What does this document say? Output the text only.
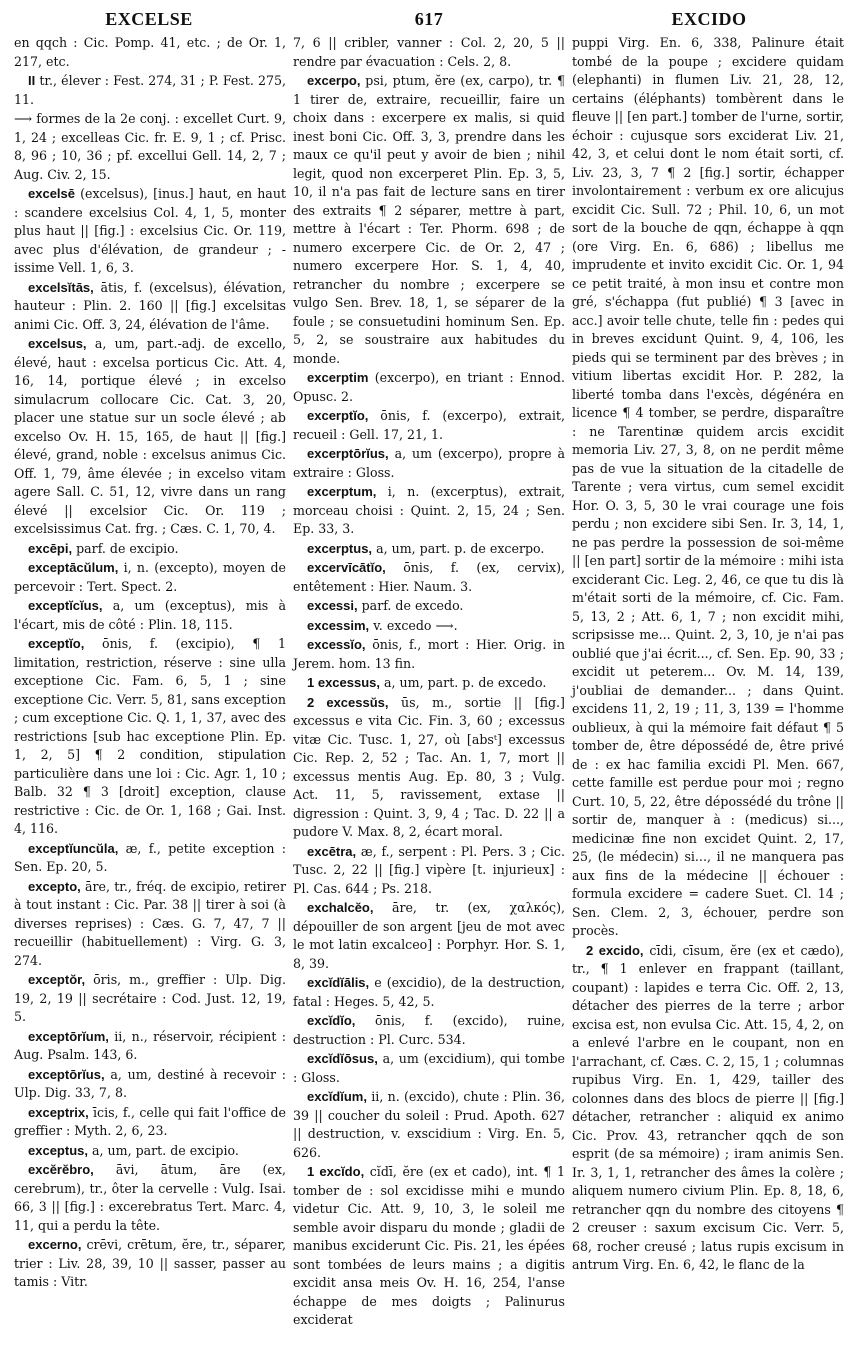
EXCELSE	617	EXCIDO

en qqch : Cic. Pomp. 41, etc. ; de Or. 1, 217, etc.

II tr., élever : Fest. 274, 31 ; P. Fest. 275, 11.

⟶ formes de la 2e conj. : excellet Curt. 9, 1, 24 ; excelleas Cic. fr. E. 9, 1 ; cf. Prisc. 8, 96 ; 10, 36 ; pf. excellui Gell. 14, 2, 7 ; Aug. Civ. 2, 15.

excelsē (excelsus), [inus.] haut, en haut : scandere excelsius Col. 4, 1, 5, monter plus haut || [fig.] : excelsius Cic. Or. 119, avec plus d'élévation, de grandeur ; -issime Vell. 1, 6, 3.

excelsĭtās, ātis, f. (excelsus), élévation, hauteur : Plin. 2. 160 || [fig.] excelsitas animi Cic. Off. 3, 24, élévation de l'âme.

excelsus, a, um, part.-adj. de excello, élevé, haut : excelsa porticus Cic. Att. 4, 16, 14, portique élevé ; in excelso simulacrum collocare Cic. Cat. 3, 20, placer une statue sur un socle élevé ; ab excelso Ov. H. 15, 165, de haut || [fig.] élevé, grand, noble : excelsus animus Cic. Off. 1, 79, âme élevée ; in excelso vitam agere Sall. C. 51, 12, vivre dans un rang élevé || excelsior Cic. Or. 119 ; excelsissimus Cat. frg. ; Cæs. C. 1, 70, 4.

excēpi, parf. de excipio.

exceptācŭlum, i, n. (excepto), moyen de percevoir : Tert. Spect. 2.

exceptĭcĭus, a, um (exceptus), mis à l'écart, mis de côté : Plin. 18, 115.

exceptĭo, ōnis, f. (excipio), ¶ 1 limitation, restriction, réserve : sine ulla exceptione Cic. Fam. 6, 5, 1 ; sine exceptione Cic. Verr. 5, 81, sans exception ; cum exceptione Cic. Q. 1, 1, 37, avec des restrictions [sub hac exceptione Plin. Ep. 1, 2, 5] ¶ 2 condition, stipulation particulière dans une loi : Cic. Agr. 1, 10 ; Balb. 32 ¶ 3 [droit] exception, clause restrictive : Cic. de Or. 1, 168 ; Gai. Inst. 4, 116.

exceptĭuncŭla, æ, f., petite exception : Sen. Ep. 20, 5.

excepto, āre, tr., fréq. de excipio, retirer à tout instant : Cic. Par. 38 || tirer à soi (à diverses reprises) : Cæs. G. 7, 47, 7 || recueillir (habituellement) : Virg. G. 3, 274.

exceptŏr, ōris, m., greffier : Ulp. Dig. 19, 2, 19 || secrétaire : Cod. Just. 12, 19, 5.

exceptōrĭum, ii, n., réservoir, récipient : Aug. Psalm. 143, 6.

exceptōrĭus, a, um, destiné à recevoir : Ulp. Dig. 33, 7, 8.

exceptrix, īcis, f., celle qui fait l'office de greffier : Myth. 2, 6, 23.

exceptus, a, um, part. de excipio.

excĕrĕbro, āvi, ātum, āre (ex, cerebrum), tr., ôter la cervelle : Vulg. Isai. 66, 3 || [fig.] : excerebratus Tert. Marc. 4, 11, qui a perdu la tête.

excerno, crēvi, crētum, ĕre, tr., séparer, trier : Liv. 28, 39, 10 || sasser, passer au tamis : Vitr.

7, 6 || cribler, vanner : Col. 2, 20, 5 || rendre par évacuation : Cels. 2, 8.

excerpo, psi, ptum, ĕre (ex, carpo), tr. ¶ 1 tirer de, extraire, recueillir, faire un choix dans : excerpere ex malis, si quid inest boni Cic. Off. 3, 3, prendre dans les maux ce qu'il peut y avoir de bien ; nihil legit, quod non excerperet Plin. Ep. 3, 5, 10, il n'a pas fait de lecture sans en tirer des extraits ¶ 2 séparer, mettre à part, mettre à l'écart : Ter. Phorm. 698 ; de numero excerpere Cic. de Or. 2, 47 ; numero excerpere Hor. S. 1, 4, 40, retrancher du nombre ; excerpere se vulgo Sen. Brev. 18, 1, se séparer de la foule ; se consuetudini hominum Sen. Ep. 5, 2, se soustraire aux habitudes du monde.

excerptim (excerpo), en triant : Ennod. Opusc. 2.

excerptĭo, ōnis, f. (excerpo), extrait, recueil : Gell. 17, 21, 1.

excerptōrĭus, a, um (excerpo), propre à extraire : Gloss.

excerptum, i, n. (excerptus), extrait, morceau choisi : Quint. 2, 15, 24 ; Sen. Ep. 33, 3.

excerptus, a, um, part. p. de excerpo.

excervīcātĭo, ōnis, f. (ex, cervix), entêtement : Hier. Naum. 3.

excessi, parf. de excedo.

excessim, v. excedo ⟶.

excessĭo, ōnis, f., mort : Hier. Orig. in Jerem. hom. 13 fin.

1 excessus, a, um, part. p. de excedo.

2 excessŭs, ūs, m., sortie || [fig.] excessus e vita Cic. Fin. 3, 60 ; excessus vitæ Cic. Tusc. 1, 27, où [absᵗ] excessus Cic. Rep. 2, 52 ; Tac. An. 1, 7, mort || excessus mentis Aug. Ep. 80, 3 ; Vulg. Act. 11, 5, ravissement, extase || digression : Quint. 3, 9, 4 ; Tac. D. 22 || a pudore V. Max. 8, 2, écart moral.

excētra, æ, f., serpent : Pl. Pers. 3 ; Cic. Tusc. 2, 22 || [fig.] vipère [t. injurieux] : Pl. Cas. 644 ; Ps. 218.

exchalcĕo, āre, tr. (ex, χαλκός), dépouiller de son argent [jeu de mot avec le mot latin excalceo] : Porphyr. Hor. S. 1, 8, 39.

excĭdĭālis, e (excidio), de la destruction, fatal : Heges. 5, 42, 5.

excĭdĭo, ōnis, f. (excido), ruine, destruction : Pl. Curc. 534.

excĭdĭōsus, a, um (excidium), qui tombe : Gloss.

excĭdĭum, ii, n. (excido), chute : Plin. 36, 39 || coucher du soleil : Prud. Apoth. 627 || destruction, v. exscidium : Virg. En. 5, 626.

1 excĭdo, cĭdī, ĕre (ex et cado), int. ¶ 1 tomber de : sol excidisse mihi e mundo videtur Cic. Att. 9, 10, 3, le soleil me semble avoir disparu du monde ; gladii de manibus exciderunt Cic. Pis. 21, les épées sont tombées de leurs mains ; a digitis excidit ansa meis Ov. H. 16, 254, l'anse échappe de mes doigts ; Palinurus exciderat

puppi Virg. En. 6, 338, Palinure était tombé de la poupe ; excidere quidam (elephanti) in flumen Liv. 21, 28, 12, certains (éléphants) tombèrent dans le fleuve || [en part.] tomber de l'urne, sortir, échoir : cujusque sors exciderat Liv. 21, 42, 3, et celui dont le nom était sorti, cf. Liv. 23, 3, 7 ¶ 2 [fig.] sortir, échapper involontairement : verbum ex ore alicujus excidit Cic. Sull. 72 ; Phil. 10, 6, un mot sort de la bouche de qqn, échappe à qqn (ore Virg. En. 6, 686) ; libellus me imprudente et invito excidit Cic. Or. 1, 94 ce petit traité, à mon insu et contre mon gré, s'échappa (fut publié) ¶ 3 [avec in acc.] avoir telle chute, telle fin : pedes qui in breves excidunt Quint. 9, 4, 106, les pieds qui se terminent par des brèves ; in vitium libertas excidit Hor. P. 282, la liberté tomba dans l'excès, dégénéra en licence ¶ 4 tomber, se perdre, disparaître : ne Tarentinæ quidem arcis excidit memoria Liv. 27, 3, 8, on ne perdit même pas de vue la situation de la citadelle de Tarente ; vera virtus, cum semel excidit Hor. O. 3, 5, 30 le vrai courage une fois perdu ; non excidere sibi Sen. Ir. 3, 14, 1, ne pas perdre la possession de soi-même || [en part] sortir de la mémoire : mihi ista exciderant Cic. Leg. 2, 46, ce que tu dis là m'était sorti de la mémoire, cf. Cic. Fam. 5, 13, 2 ; Att. 6, 1, 7 ; non excidit mihi, scripsisse me... Quint. 2, 3, 10, je n'ai pas oublié que j'ai écrit..., cf. Sen. Ep. 90, 33 ; excidit ut peterem... Ov. M. 14, 139, j'oubliai de demander... ; dans Quint. excidens 11, 2, 19 ; 11, 3, 139 = l'homme oublieux, à qui la mémoire fait défaut ¶ 5 tomber de, être dépossédé de, être privé de : ex hac familia excidi Pl. Men. 667, cette famille est perdue pour moi ; regno Curt. 10, 5, 22, être dépossédé du trône || sortir de, manquer à : (medicus) si..., medicinæ fine non excidet Quint. 2, 17, 25, (le médecin) si..., il ne manquera pas aux fins de la médecine || échouer : formula excidere = cadere Suet. Cl. 14 ; Sen. Clem. 2, 3, échouer, perdre son procès.

2 excido, cīdi, cīsum, ĕre (ex et cædo), tr., ¶ 1 enlever en frappant (taillant, coupant) : lapides e terra Cic. Off. 2, 13, détacher des pierres de la terre ; arbor excisa est, non evulsa Cic. Att. 15, 4, 2, on a enlevé l'arbre en le coupant, non en l'arrachant, cf. Cæs. C. 2, 15, 1 ; columnas rupibus Virg. En. 1, 429, tailler des colonnes dans des blocs de pierre || [fig.] détacher, retrancher : aliquid ex animo Cic. Prov. 43, retrancher qqch de son esprit (de sa mémoire) ; iram animis Sen. Ir. 3, 1, 1, retrancher des âmes la colère ; aliquem numero civium Plin. Ep. 8, 18, 6, retrancher qqn du nombre des citoyens ¶ 2 creuser : saxum excisum Cic. Verr. 5, 68, rocher creusé ; latus rupis excisum in antrum Virg. En. 6, 42, le flanc de la
